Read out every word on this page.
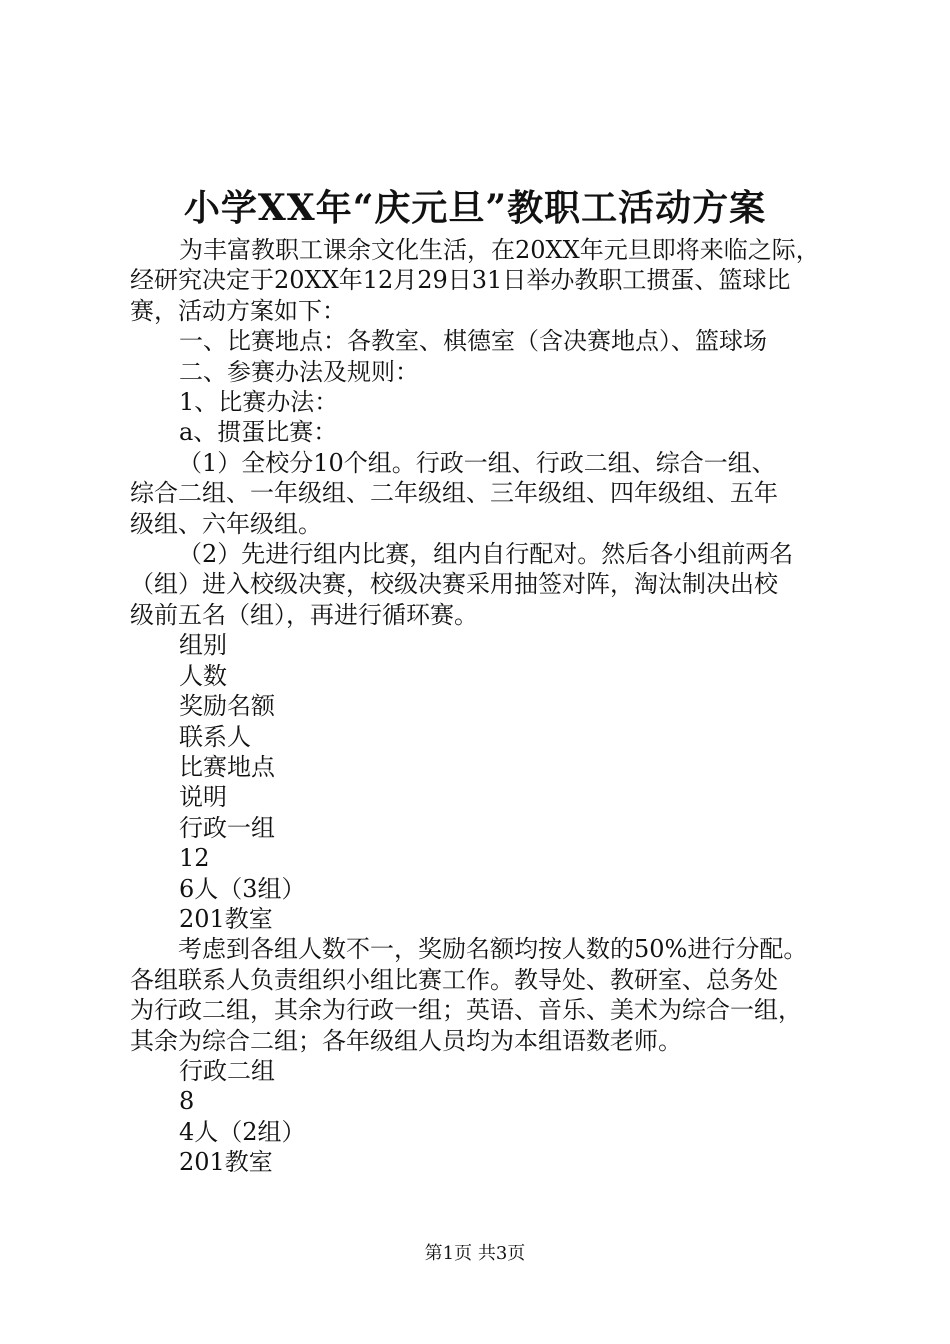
小学XX年“庆元旦”教职工活动方案
为丰富教职工课余文化生活，在20XX年元旦即将来临之际，
经研究决定于20XX年12月29日31日举办教职工掼蛋、篮球比
赛，活动方案如下：
一、比赛地点：各教室、棋德室（含决赛地点）、篮球场
二、参赛办法及规则：
1、比赛办法：
a、掼蛋比赛：
（1）全校分10个组。行政一组、行政二组、综合一组、
综合二组、一年级组、二年级组、三年级组、四年级组、五年
级组、六年级组。
（2）先进行组内比赛，组内自行配对。然后各小组前两名
（组）进入校级决赛，校级决赛采用抽签对阵，淘汰制决出校
级前五名（组），再进行循环赛。
组别
人数
奖励名额
联系人
比赛地点
说明
行政一组
12
6人（3组）
201教室
考虑到各组人数不一，奖励名额均按人数的50%进行分配。
各组联系人负责组织小组比赛工作。教导处、教研室、总务处
为行政二组，其余为行政一组；英语、音乐、美术为综合一组，
其余为综合二组；各年级组人员均为本组语数老师。
行政二组
8
4人（2组）
201教室
第1页 共3页
